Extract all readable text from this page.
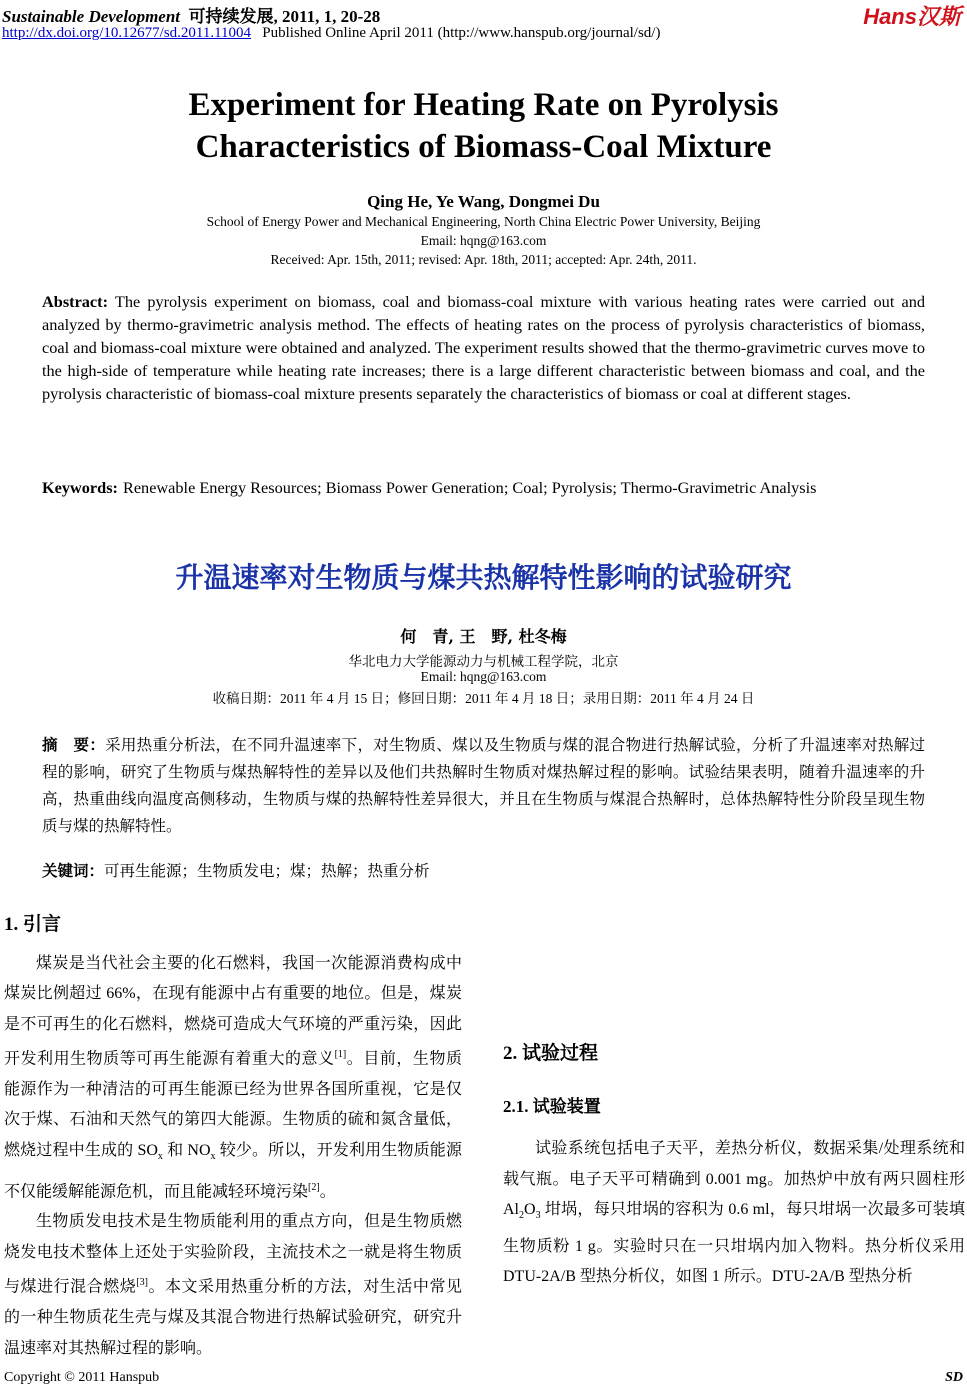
Sustainable Development 可持续发展, 2011, 1, 20-28
http://dx.doi.org/10.12677/sd.2011.11004 Published Online April 2011 (http://www.hanspub.org/journal/sd/)
Hans汉斯
Experiment for Heating Rate on Pyrolysis
Characteristics of Biomass-Coal Mixture
Qing He, Ye Wang, Dongmei Du
School of Energy Power and Mechanical Engineering, North China Electric Power University, Beijing
Email: hqng@163.com
Received: Apr. 15th, 2011; revised: Apr. 18th, 2011; accepted: Apr. 24th, 2011.
Abstract: The pyrolysis experiment on biomass, coal and biomass-coal mixture with various heating rates were carried out and analyzed by thermo-gravimetric analysis method. The effects of heating rates on the process of pyrolysis characteristics of biomass, coal and biomass-coal mixture were obtained and analyzed. The experiment results showed that the thermo-gravimetric curves move to the high-side of temperature while heating rate increases; there is a large different characteristic between biomass and coal, and the pyrolysis characteristic of biomass-coal mixture presents separately the characteristics of biomass or coal at different stages.
Keywords: Renewable Energy Resources; Biomass Power Generation; Coal; Pyrolysis; Thermo-Gravimetric Analysis
升温速率对生物质与煤共热解特性影响的试验研究
何　青, 王　野, 杜冬梅
华北电力大学能源动力与机械工程学院，北京
Email: hqng@163.com
收稿日期：2011 年 4 月 15 日；修回日期：2011 年 4 月 18 日；录用日期：2011 年 4 月 24 日
摘　要：采用热重分析法，在不同升温速率下，对生物质、煤以及生物质与煤的混合物进行热解试验，分析了升温速率对热解过程的影响，研究了生物质与煤热解特性的差异以及他们共热解时生物质对煤热解过程的影响。试验结果表明，随着升温速率的升高，热重曲线向温度高侧移动，生物质与煤的热解特性差异很大，并且在生物质与煤混合热解时，总体热解特性分阶段呈现生物质与煤的热解特性。
关键词：可再生能源；生物质发电；煤；热解；热重分析
1. 引言

煤炭是当代社会主要的化石燃料，我国一次能源消费构成中煤炭比例超过 66%，在现有能源中占有重要的地位。但是，煤炭是不可再生的化石燃料，燃烧可造成大气环境的严重污染，因此开发利用生物质等可再生能源有着重大的意义[1]。目前，生物质能源作为一种清洁的可再生能源已经为世界各国所重视，它是仅次于煤、石油和天然气的第四大能源。生物质的硫和氮含量低，燃烧过程中生成的 $SO_x$ 和 $NO_x$ 较少。所以，开发利用生物质能源不仅能缓解能源危机，而且能减轻环境污染[2]。

生物质发电技术是生物质能利用的重点方向，但是生物质燃烧发电技术整体上还处于实验阶段，主流技术之一就是将生物质与煤进行混合燃烧[3]。本文采用热重分析的方法，对生活中常见的一种生物质花生壳与煤及其混合物进行热解试验研究，研究升温速率对其热解过程的影响。

2. 试验过程
2.1. 试验装置

试验系统包括电子天平，差热分析仪，数据采集/处理系统和载气瓶。电子天平可精确到 0.001 mg。加热炉中放有两只圆柱形 $Al_2O_3$ 坩埚，每只坩埚的容积为 0.6 ml，每只坩埚一次最多可装填生物质粉 1 g。实验时只在一只坩埚内加入物料。热分析仪采用 DTU-2A/B 型热分析仪，如图 1 所示。DTU-2A/B 型热分析

Copyright © 2011 Hanspub	SD
